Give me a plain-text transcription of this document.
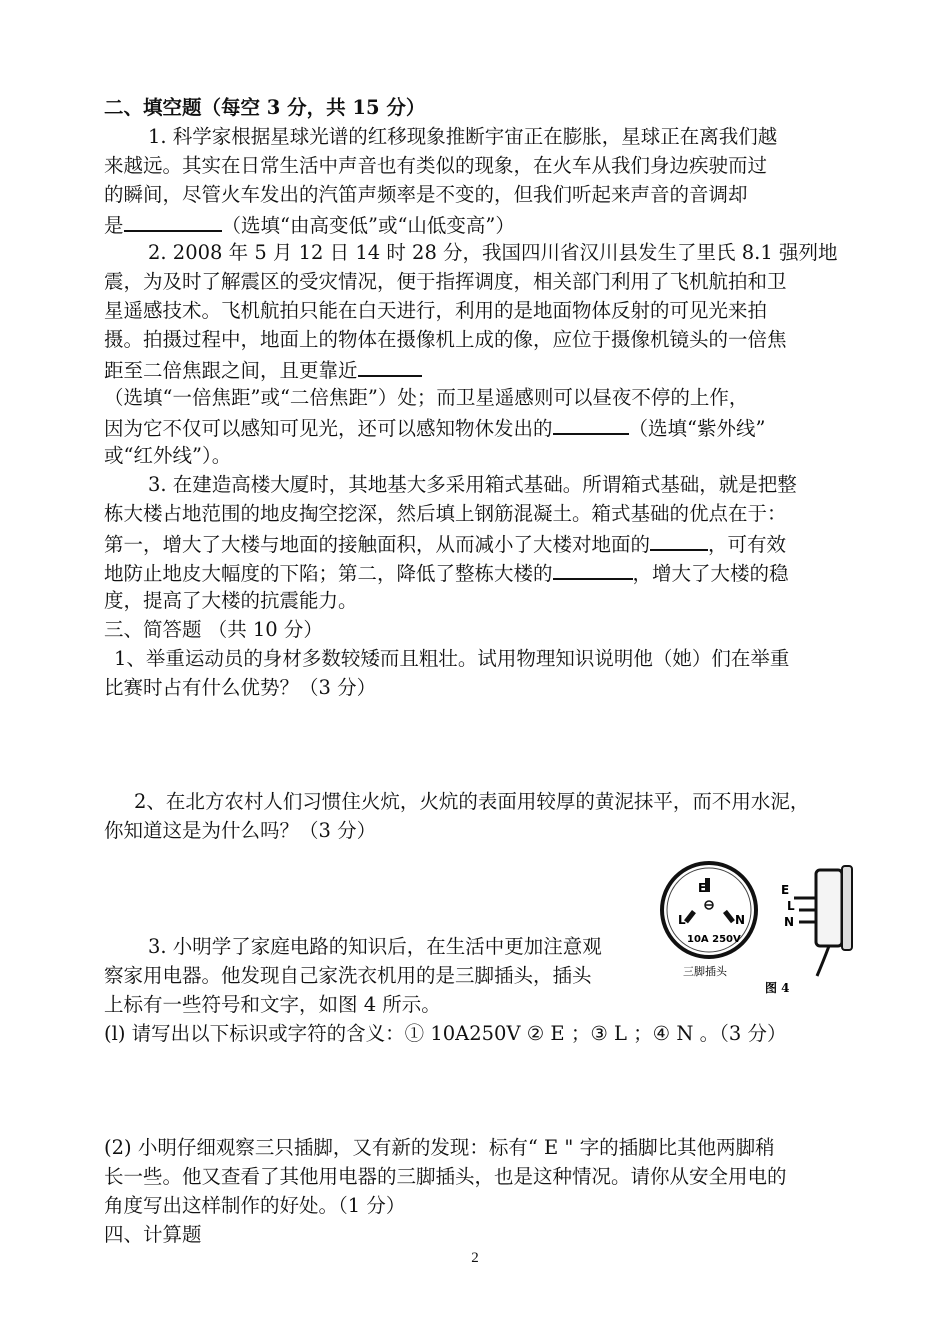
二、填空题（每空 3 分，共 15 分）
1. 科学家根据星球光谱的红移现象推断宇宙正在膨胀，星球正在离我们越
来越远。其实在日常生活中声音也有类似的现象，在火车从我们身边疾驶而过
的瞬间，尽管火车发出的汽笛声频率是不变的，但我们听起来声音的音调却
是	（选填“由高变低”或“山低变高”）
2. 2008 年 5 月 12 日 14 时 28 分，我国四川省汉川县发生了里氏 8.1 强列地
震，为及时了解震区的受灾情况，便于指挥调度，相关部门利用了飞机航拍和卫
星遥感技术。飞机航拍只能在白天进行，利用的是地面物体反射的可见光来拍
摄。拍摄过程中，地面上的物体在摄像机上成的像，应位于摄像机镜头的一倍焦
距至二倍焦跟之间，且更靠近
（选填“一倍焦距”或“二倍焦距”）处；而卫星遥感则可以昼夜不停的上作，
因为它不仅可以感知可见光，还可以感知物休发出的	（选填“紫外线”
或“红外线”）。
3. 在建造高楼大厦时，其地基大多采用箱式基础。所谓箱式基础，就是把整
栋大楼占地范围的地皮掏空挖深，然后填上钢筋混凝土。箱式基础的优点在于：
第一，增大了大楼与地面的接触面积，从而减小了大楼对地面的	，可有效
地防止地皮大幅度的下陷；第二，降低了整栋大楼的	，增大了大楼的稳
度，提高了大楼的抗震能力。
三、简答题 （共 10 分）
1、举重运动员的身材多数较矮而且粗壮。试用物理知识说明他（她）们在举重
比赛时占有什么优势？（3 分）
2、在北方农村人们习惯住火炕，火炕的表面用较厚的黄泥抹平，而不用水泥，
你知道这是为什么吗？（3 分）
3. 小明学了家庭电路的知识后，在生活中更加注意观
察家用电器。他发现自己家洗衣机用的是三脚插头，插头
上标有一些符号和文字，如图 4 所示。
(l) 请写出以下标识或字符的含义：① 10A250V ② E ；③ L ；④ N 。（3 分）
(2) 小明仔细观察三只插脚，又有新的发现：标有“ E " 字的插脚比其他两脚稍
长一些。他又查看了其他用电器的三脚插头，也是这种情况。请你从安全用电的
角度写出这样制作的好处。（1 分）
四、计算题
E
L	N
10A 250V
三脚插头
图 4
E
L
N
2
